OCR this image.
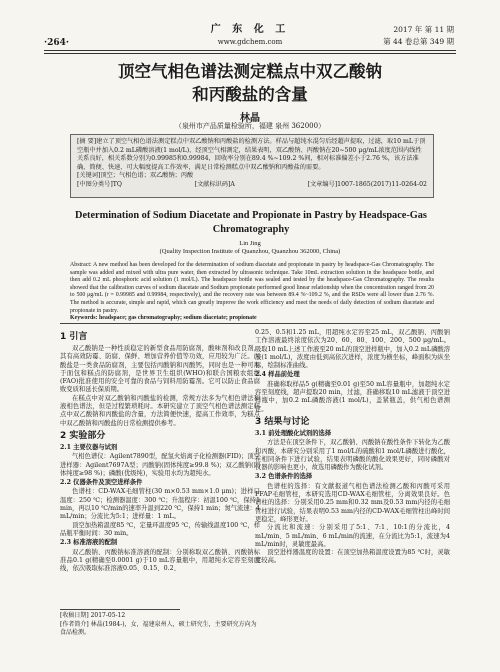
·264·
广 东 化 工
www.gdchem.com
2017 年 第 11 期
第 44 卷总第 349 期
顶空气相色谱法测定糕点中双乙酸钠
和丙酸盐的含量
林晶
（泉州市产品质量检验所，福建 泉州 362000）

[摘 要]建立了顶空气相色谱法测定糕点中双乙酸钠和丙酸盐的检测方法。样品与超纯水混匀后经超声提取，过滤，取10 mL于顶空瓶中并加入0.2 mL磷酸溶液(1 mol/L)，经顶空气相测定，结果表明，双乙酸钠、丙酸钠在20~500 μg/mL浓度范围内线性关系良好，相关系数分别为0.99985和0.99984，回收率分别在89.4 %~109.2 %间，相对标准偏差小于2.76 %，该方法准确、简便、快速、可大幅度提高工作效率，满足日常检测糕点中双乙酸钠和丙酸盐的需要。

[关键词]顶空；气相色谱；双乙酸钠；丙酸

[中图分类号]TQ	[文献标识码]A	[文章编号]1007-1865(2017)11-0264-02
Determination of Sodium Diacetate and Propionate in Pastry by Headspace-Gas
Chromatography
Lin Jing
(Quality Inspection Institute of Quanzhou, Quanzhou 362000, China)

Abstract: A new method has been developed for the determination of sodium diacetate and propionate in pastry by headspace-Gas Chromatography. The sample was added and mixed with ultra pure water, then extracted by ultrasonic technique. Take 10mL extraction solution in the headspace bottle, and then add 0.2 mL phosphoric acid solution (1 mol/L). The headspace bottle was sealed and tested by the headspace-Gas Chromatography. The results showed that the calibration curves of sodium diacetate and Sodium propionate performed good linear relationship when the concentration ranged from 20 to 500 μg/mL (r = 0.99985 and 0.99984, respectively), and the recovery rate was between 89.4 %~109.2 %, and the RSDs were all lower than 2.76 %. The method is accurate, simple and rapid, which can greatly improve the work efficiency and meet the needs of daily detection of sodium diacetate and propionate in pastry.

Keywords: headspace; gas chromatography; sodium diacetate; propionate

1 引言

双乙酸钠是一种性质稳定的新型食品用防腐剂，酸味剂和改良剂，其有高效防霉、防腐、保鲜、增加营养价值等功效，应用较为广泛。丙酸盐是一类食品防腐剂，主要包括丙酸钠和丙酸钙，同时也是一种可用于面包和糕点的防腐剂，是世界卫生组织(WHO)和联合国粮农组织(FAO)批准使用的安全可靠的食品与饲料用防霉剂。它可以防止食品腐败变质和延长保质期。

在糕点中对双乙酸钠和丙酸盐的检测，常规方法多为气相色谱法和液相色谱法，但是过程繁琐耗时。本研究建立了顶空气相色谱法测定糕点中双乙酸钠和丙酸盐的含量，方法简便快速，提高工作效率，为糕点中双乙酸钠和丙酸盐的日常检测提供参考。

2 实验部分
2.1 主要仪器与试剂

气相色谱仪：Agilent7890型，配氢火焰离子化检测器(FID)；顶空进样器：Agilent7697A型；丙酸钠(固体纯度≥99.8 %)；双乙酸钠(固体纯度≥98 %)；磷酸(优级纯)，实验用水均为超纯水。

2.2 仪器条件及顶空进样条件

色谱柱：CD-WAX毛细管柱(30 m×0.53 mm×1.0 μm)；进样口温度：250 ℃；检测器温度：300 ℃；升温程序：初温100 ℃，保持1 min，再以10 ℃/min的速率升温到220 ℃，保持1 min；氮气流速：4 mL/min；分流比为5:1；进样量：1 mL。

顶空加热箱温度85 ℃，定量环温度95 ℃，传输线温度100 ℃，样品瓶平衡时间：30 min。

2.3 标准溶液的配制

双乙酸钠、丙酸钠标准溶液的配制：分别称取双乙酸钠、丙酸钠标准品0.1 g(精确至0.0001 g)于10 mL容量瓶中，用超纯水定容至刻度线，依次吸取标准溶液0.05、0.15、0.2、

0.25、0.5和1.25 mL，用超纯水定容至25 mL，双乙酸钠、丙酸钠工作溶液最终浓度依次为20、60、80、100、200、500 μg/mL。吸取10 mL上述工作液至20 mL的顶空进样瓶中，加入0.2 mL磷酸溶液(1 mol/L)，浓度由低到高依次进样，浓度为横坐标，峰面积为纵坐标，绘制标准曲线。

2.4 样品前处理

准确称取样品5 g(精确至0.01 g)至50 mL容量瓶中，加超纯水定容至刻度线，超声提取20 min，过滤，准确移取10 mL滤液于顶空进样瓶中，加0.2 mL磷酸溶液(1 mol/L)，盖紧瓶盖，供气相色谱测定。

3 结果与讨论
3.1 前处理酸化试剂的选择

方法是在顶空条件下，双乙酸钠、丙酸钠在酸性条件下转化为乙酸和丙酸，本研究分别采用了1 mol/L的硫酸和1 mol/L磷酸进行酸化，在相同条件下进行试验，结果表明磷酸的酸化效果更好，同时磷酸对仪器的影响也更小，故选用磷酸作为酸化试剂。

3.2 色谱条件的选择

色谱柱的选择：有文献报道气相色谱法检测乙酸和丙酸可采用FFAP毛细管柱，本研究选用CD-WAX毛细管柱，分离效果良好。色谱柱的选择：分别采用0.25 mm和0.32 mm及0.53 mm内径的毛细管柱进行试验，结果表明0.53 mm内径的CD-WAX毛细管柱出峰时间更稳定，峰形更好。

分流比和流速：分别采用了5:1、7:1、10:1的分流比，4 mL/min、5 mL/min、6 mL/min的流速，在分流比为5:1，流速为4 mL/min时，灵敏度最高。

顶空进样器温度的设置：在顶空加热箱温度设置为85 ℃时，灵敏度较高。

[收稿日期] 2017-05-12
[作者简介] 林晶(1984-)，女，福建泉州人，硕士研究生，主要研究方向为食品检测。
